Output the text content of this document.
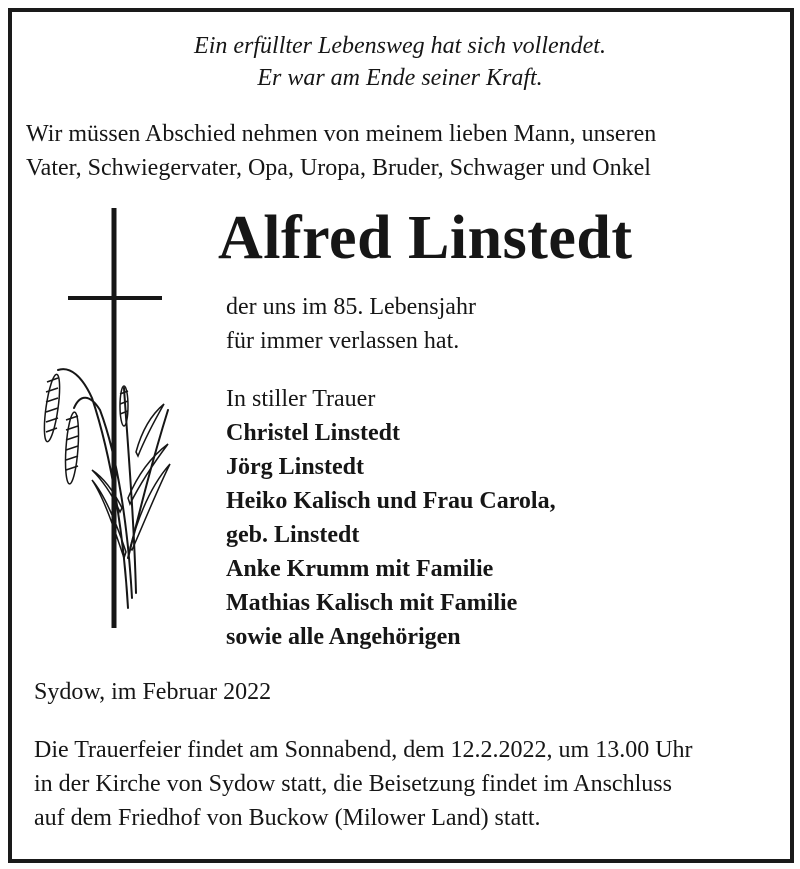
Ein erfüllter Lebensweg hat sich vollendet.
Er war am Ende seiner Kraft.
Wir müssen Abschied nehmen von meinem lieben Mann, unseren
Vater, Schwiegervater, Opa, Uropa, Bruder, Schwager und Onkel
Alfred Linstedt
der uns im 85. Lebensjahr
für immer verlassen hat.
In stiller Trauer
Christel Linstedt
Jörg Linstedt
Heiko Kalisch und Frau Carola,
geb. Linstedt
Anke Krumm mit Familie
Mathias Kalisch mit Familie
sowie alle Angehörigen
Sydow, im Februar 2022
Die Trauerfeier findet am Sonnabend, dem 12.2.2022, um 13.00 Uhr
in der Kirche von Sydow statt, die Beisetzung findet im Anschluss
auf dem Friedhof von Buckow (Milower Land) statt.
